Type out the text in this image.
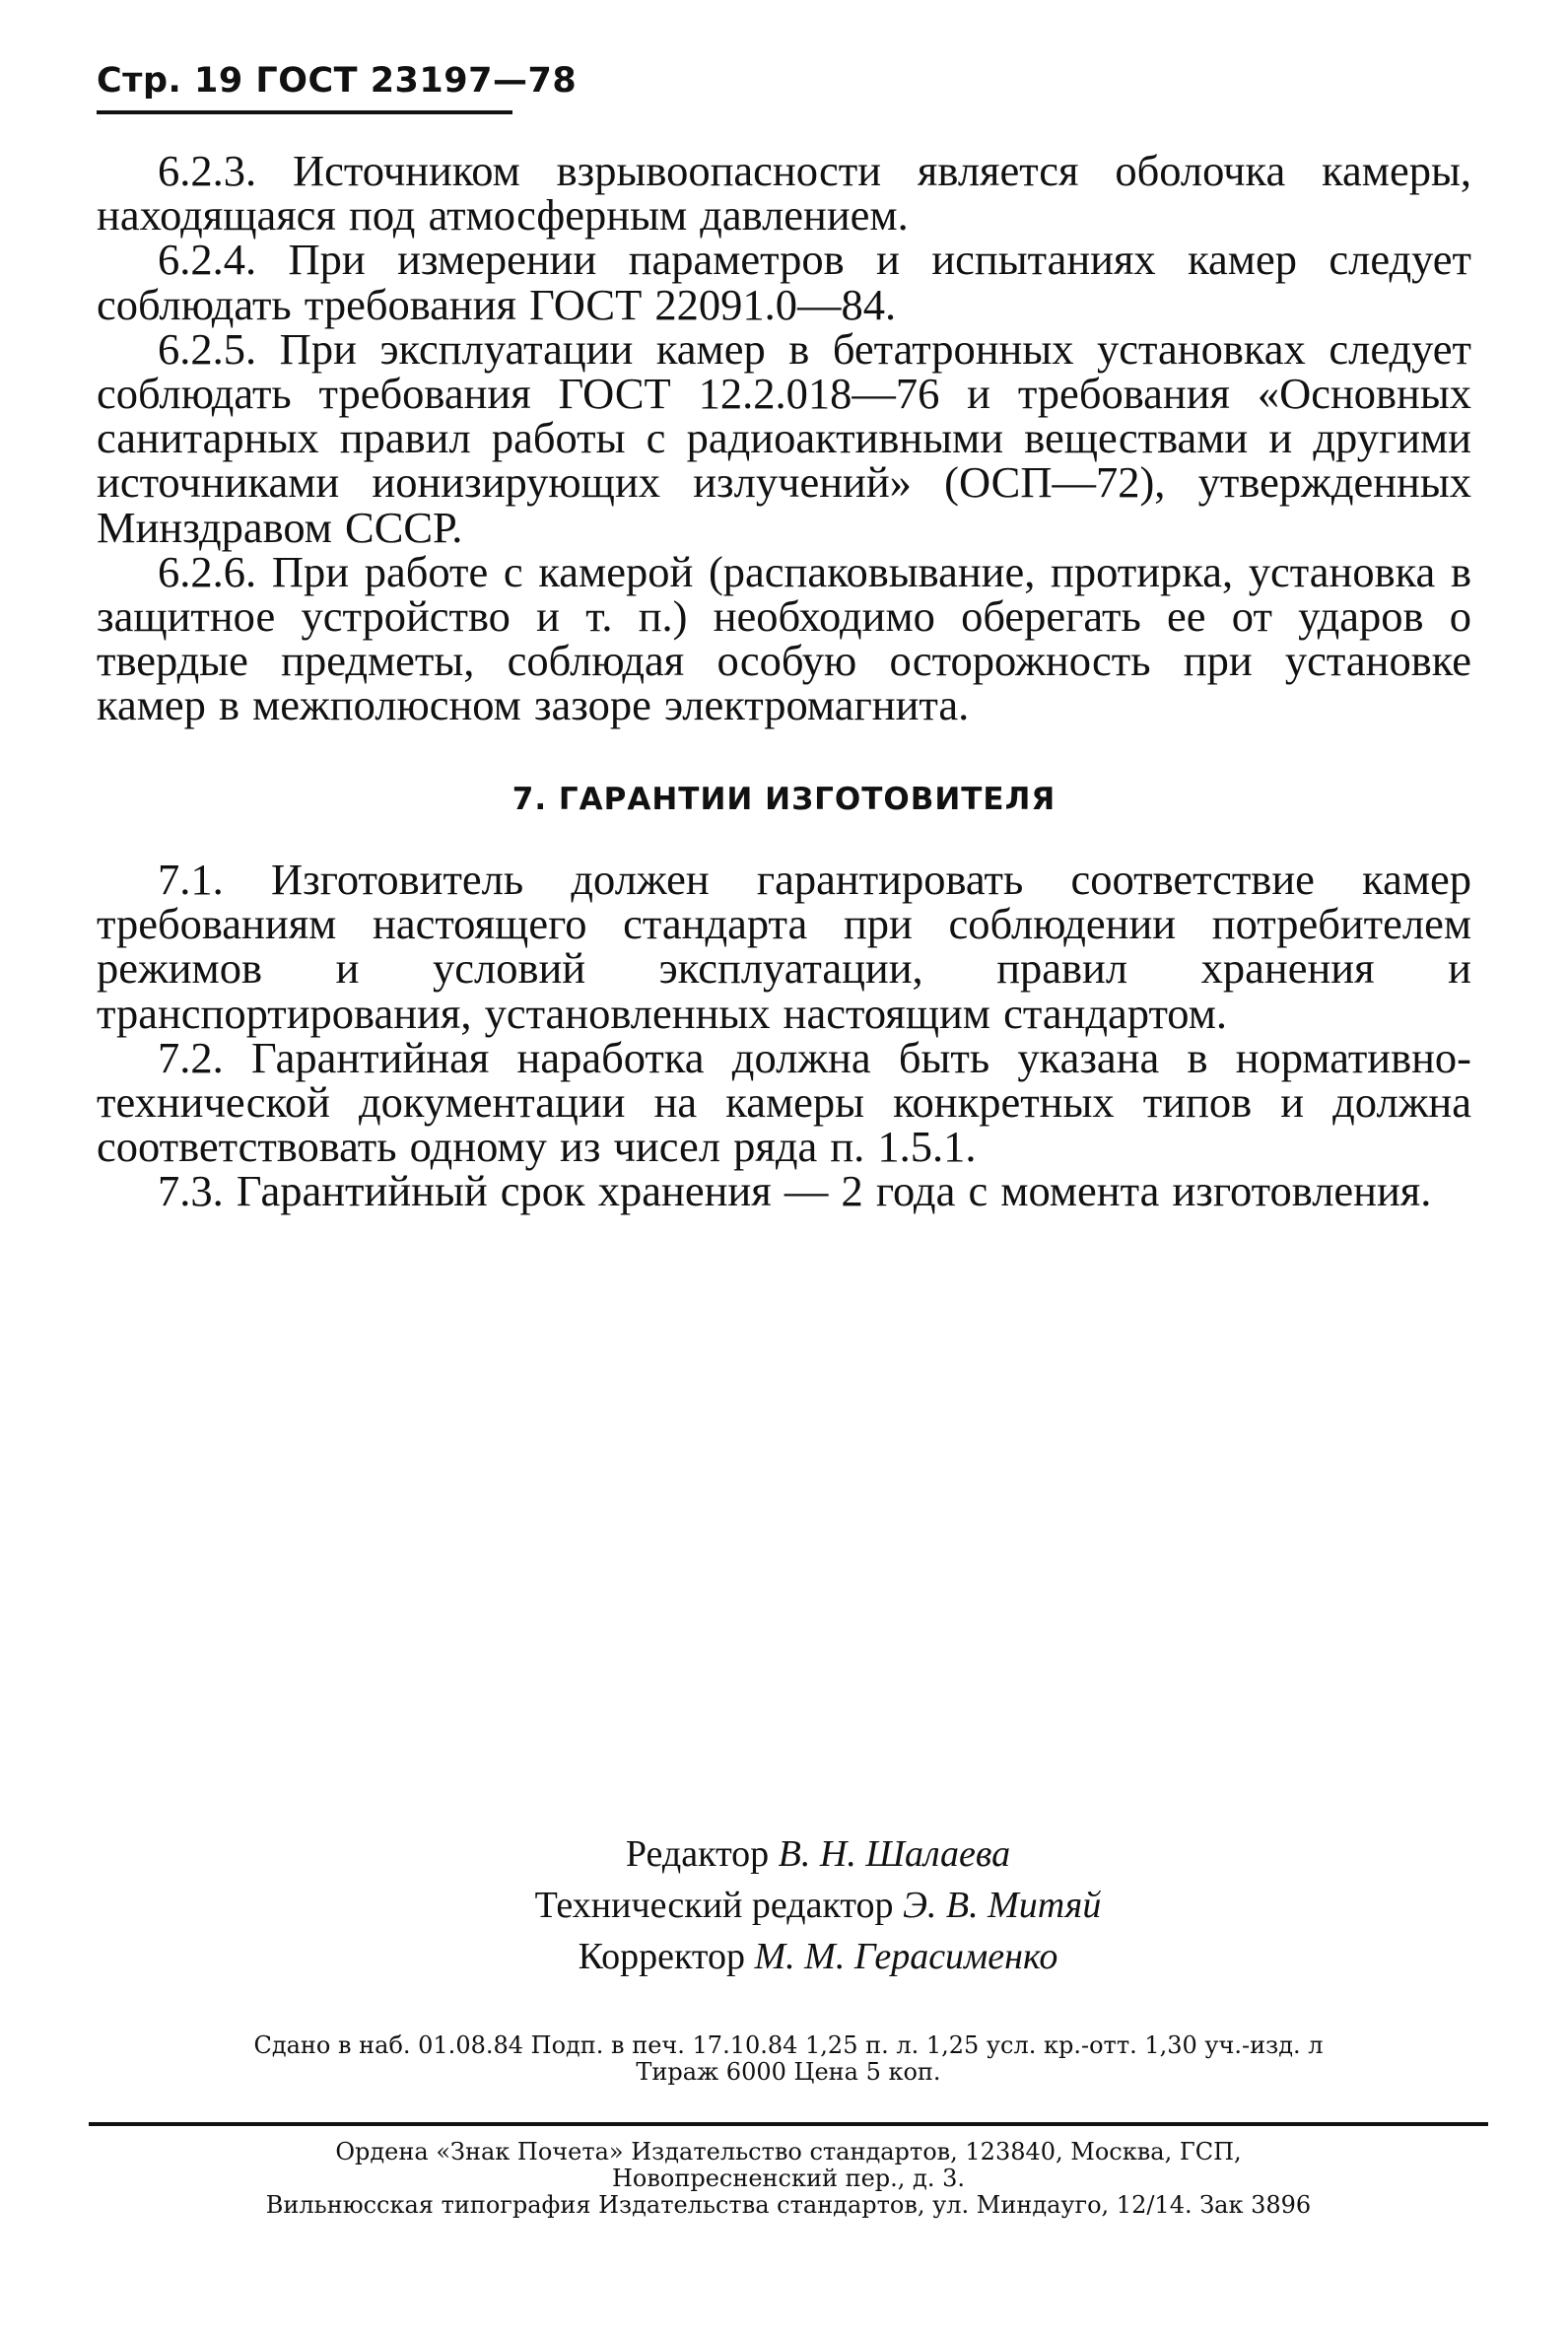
Стр. 19 ГОСТ 23197—78

6.2.3. Источником взрывоопасности является оболочка камеры, находящаяся под атмосферным давлением.

6.2.4. При измерении параметров и испытаниях камер следует соблюдать требования ГОСТ 22091.0—84.

6.2.5. При эксплуатации камер в бетатронных установках следует соблюдать требования ГОСТ 12.2.018—76 и требования «Основных санитарных правил работы с радиоактивными веществами и другими источниками ионизирующих излучений» (ОСП—72), утвержденных Минздравом СССР.

6.2.6. При работе с камерой (распаковывание, протирка, установка в защитное устройство и т. п.) необходимо оберегать ее от ударов о твердые предметы, соблюдая особую осторожность при установке камер в межполюсном зазоре электромагнита.

7. ГАРАНТИИ ИЗГОТОВИТЕЛЯ

7.1. Изготовитель должен гарантировать соответствие камер требованиям настоящего стандарта при соблюдении потребителем режимов и условий эксплуатации, правил хранения и транспортирования, установленных настоящим стандартом.

7.2. Гарантийная наработка должна быть указана в нормативно-технической документации на камеры конкретных типов и должна соответствовать одному из чисел ряда п. 1.5.1.

7.3. Гарантийный срок хранения — 2 года с момента изготовления.

Редактор В. Н. Шалаева
Технический редактор Э. В. Митяй
Корректор М. М. Герасименко
Сдано в наб. 01.08.84 Подп. в печ. 17.10.84 1,25 п. л. 1,25 усл. кр.-отт. 1,30 уч.-изд. л
Тираж 6000 Цена 5 коп.
Ордена «Знак Почета» Издательство стандартов, 123840, Москва, ГСП,
Новопресненский пер., д. 3.
Вильнюсская типография Издательства стандартов, ул. Миндауго, 12/14. Зак 3896
